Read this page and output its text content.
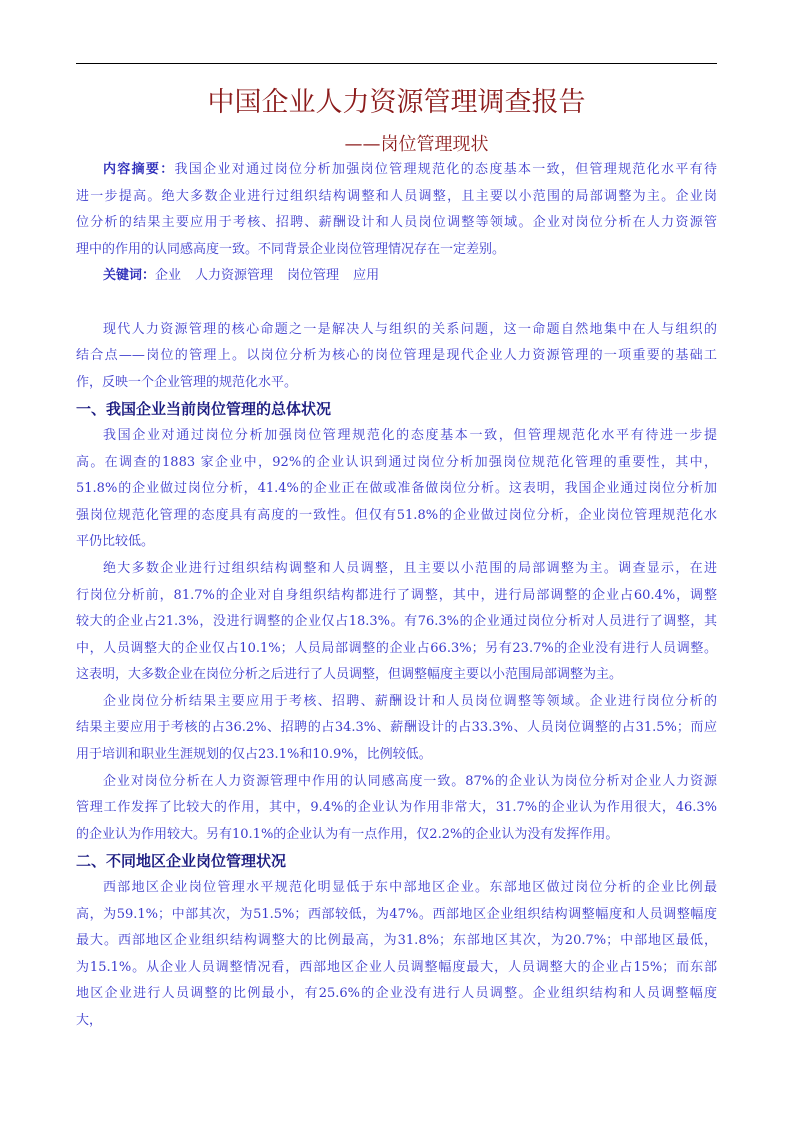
中国企业人力资源管理调查报告
——岗位管理现状
内容摘要：我国企业对通过岗位分析加强岗位管理规范化的态度基本一致，但管理规范化水平有待
进一步提高。绝大多数企业进行过组织结构调整和人员调整，且主要以小范围的局部调整为主。企业岗
位分析的结果主要应用于考核、招聘、薪酬设计和人员岗位调整等领域。企业对岗位分析在人力资源管
理中的作用的认同感高度一致。不同背景企业岗位管理情况存在一定差别。
关键词：企业 人力资源管理 岗位管理 应用
现代人力资源管理的核心命题之一是解决人与组织的关系问题，这一命题自然地集中在人与组织的
结合点——岗位的管理上。以岗位分析为核心的岗位管理是现代企业人力资源管理的一项重要的基础工
作，反映一个企业管理的规范化水平。
一、我国企业当前岗位管理的总体状况
我国企业对通过岗位分析加强岗位管理规范化的态度基本一致，但管理规范化水平有待进一步提
高。在调查的1883 家企业中，92%的企业认识到通过岗位分析加强岗位规范化管理的重要性，其中，
51.8%的企业做过岗位分析，41.4%的企业正在做或准备做岗位分析。这表明，我国企业通过岗位分析加
强岗位规范化管理的态度具有高度的一致性。但仅有51.8%的企业做过岗位分析，企业岗位管理规范化水
平仍比较低。
绝大多数企业进行过组织结构调整和人员调整，且主要以小范围的局部调整为主。调查显示，在进
行岗位分析前，81.7%的企业对自身组织结构都进行了调整，其中，进行局部调整的企业占60.4%，调整
较大的企业占21.3%，没进行调整的企业仅占18.3%。有76.3%的企业通过岗位分析对人员进行了调整，其
中，人员调整大的企业仅占10.1%；人员局部调整的企业占66.3%；另有23.7%的企业没有进行人员调整。
这表明，大多数企业在岗位分析之后进行了人员调整，但调整幅度主要以小范围局部调整为主。
企业岗位分析结果主要应用于考核、招聘、薪酬设计和人员岗位调整等领域。企业进行岗位分析的
结果主要应用于考核的占36.2%、招聘的占34.3%、薪酬设计的占33.3%、人员岗位调整的占31.5%；而应
用于培训和职业生涯规划的仅占23.1%和10.9%，比例较低。
企业对岗位分析在人力资源管理中作用的认同感高度一致。87%的企业认为岗位分析对企业人力资源
管理工作发挥了比较大的作用，其中，9.4%的企业认为作用非常大，31.7%的企业认为作用很大，46.3%
的企业认为作用较大。另有10.1%的企业认为有一点作用，仅2.2%的企业认为没有发挥作用。
二、不同地区企业岗位管理状况
西部地区企业岗位管理水平规范化明显低于东中部地区企业。东部地区做过岗位分析的企业比例最
高，为59.1%；中部其次，为51.5%；西部较低，为47%。西部地区企业组织结构调整幅度和人员调整幅度
最大。西部地区企业组织结构调整大的比例最高，为31.8%；东部地区其次，为20.7%；中部地区最低，
为15.1%。从企业人员调整情况看，西部地区企业人员调整幅度最大，人员调整大的企业占15%；而东部
地区企业进行人员调整的比例最小，有25.6%的企业没有进行人员调整。企业组织结构和人员调整幅度
大，
